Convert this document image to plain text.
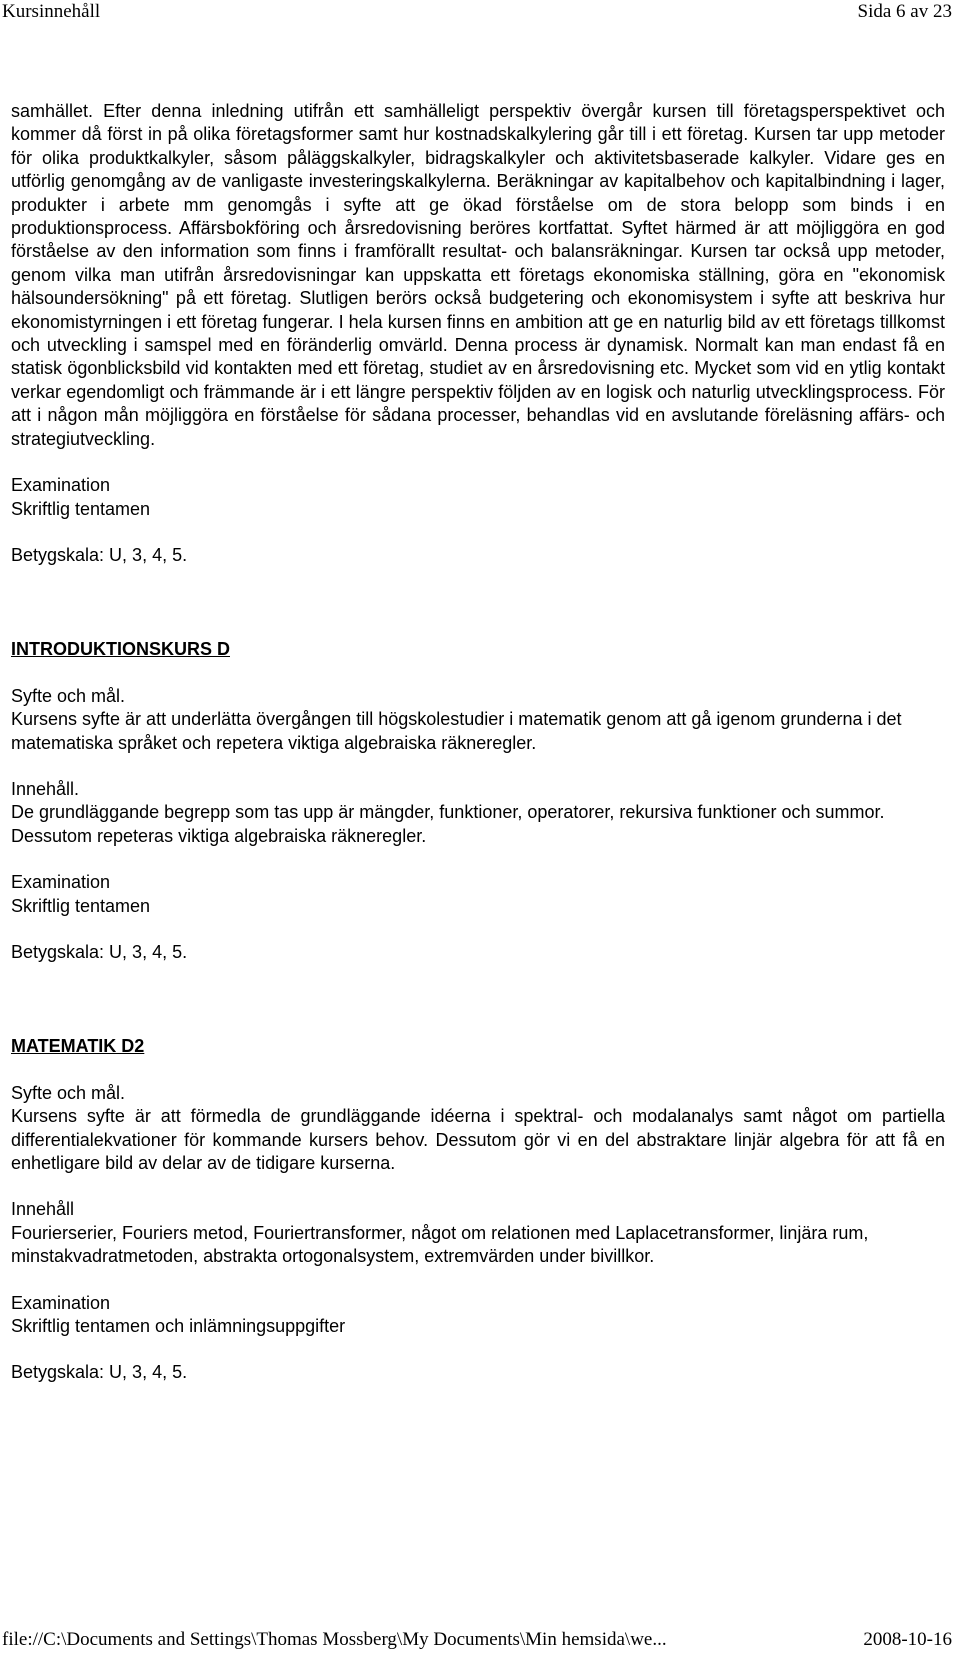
Kursinnehåll	Sida 6 av 23

samhället. Efter denna inledning utifrån ett samhälleligt perspektiv övergår kursen till företagsperspektivet och kommer då först in på olika företagsformer samt hur kostnadskalkylering går till i ett företag. Kursen tar upp metoder för olika produktkalkyler, såsom påläggskalkyler, bidragskalkyler och aktivitetsbaserade kalkyler. Vidare ges en utförlig genomgång av de vanligaste investeringskalkylerna. Beräkningar av kapitalbehov och kapitalbindning i lager, produkter i arbete mm genomgås i syfte att ge ökad förståelse om de stora belopp som binds i en produktionsprocess. Affärsbokföring och årsredovisning beröres kortfattat. Syftet härmed är att möjliggöra en god förståelse av den information som finns i framförallt resultat- och balansräkningar. Kursen tar också upp metoder, genom vilka man utifrån årsredovisningar kan uppskatta ett företags ekonomiska ställning, göra en "ekonomisk hälsoundersökning" på ett företag. Slutligen berörs också budgetering och ekonomisystem i syfte att beskriva hur ekonomistyrningen i ett företag fungerar. I hela kursen finns en ambition att ge en naturlig bild av ett företags tillkomst och utveckling i samspel med en föränderlig omvärld. Denna process är dynamisk. Normalt kan man endast få en statisk ögonblicksbild vid kontakten med ett företag, studiet av en årsredovisning etc. Mycket som vid en ytlig kontakt verkar egendomligt och främmande är i ett längre perspektiv följden av en logisk och naturlig utvecklingsprocess. För att i någon mån möjliggöra en förståelse för sådana processer, behandlas vid en avslutande föreläsning affärs- och strategiutveckling.

Examination

Skriftlig tentamen

Betygskala: U, 3, 4, 5.

INTRODUKTIONSKURS D

Syfte och mål.

Kursens syfte är att underlätta övergången till högskolestudier i matematik genom att gå igenom grunderna i det matematiska språket och repetera viktiga algebraiska räkneregler.

Innehåll.

De grundläggande begrepp som tas upp är mängder, funktioner, operatorer, rekursiva funktioner och summor. Dessutom repeteras viktiga algebraiska räkneregler.

Examination

Skriftlig tentamen

Betygskala: U, 3, 4, 5.

MATEMATIK D2

Syfte och mål.

Kursens syfte är att förmedla de grundläggande idéerna i spektral- och modalanalys samt något om partiella differentialekvationer för kommande kursers behov. Dessutom gör vi en del abstraktare linjär algebra för att få en enhetligare bild av delar av de tidigare kurserna.

Innehåll

Fourierserier, Fouriers metod, Fouriertransformer, något om relationen med Laplacetransformer, linjära rum, minstakvadratmetoden, abstrakta ortogonalsystem, extremvärden under bivillkor.

Examination

Skriftlig tentamen och inlämningsuppgifter

Betygskala: U, 3, 4, 5.

file://C:\Documents and Settings\Thomas Mossberg\My Documents\Min hemsida\we...	2008-10-16
